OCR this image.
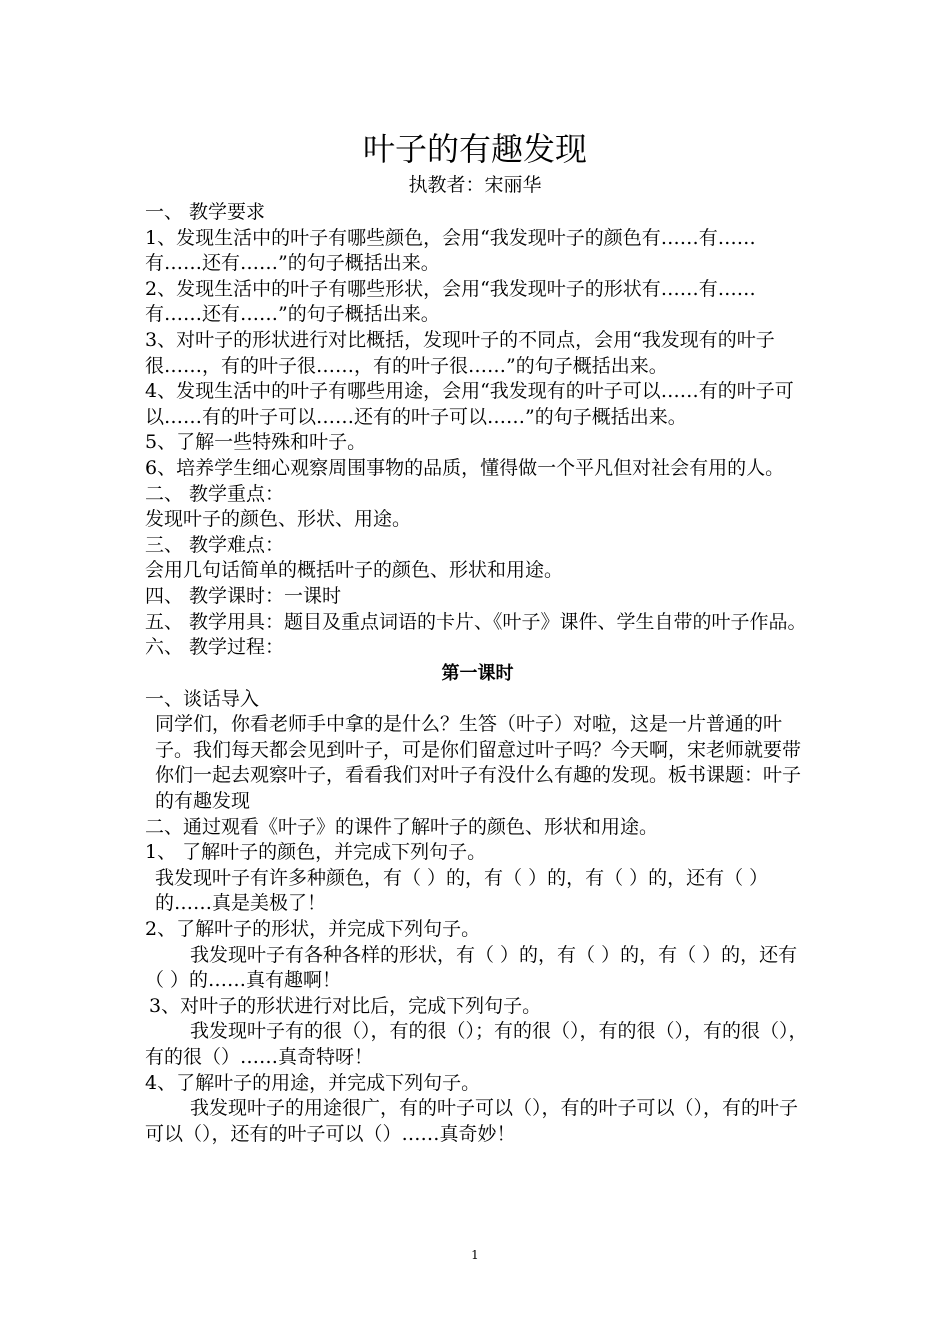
叶子的有趣发现
执教者：宋丽华

一、 教学要求

1、发现生活中的叶子有哪些颜色，会用“我发现叶子的颜色有……有……有……还有……”的句子概括出来。

2、发现生活中的叶子有哪些形状，会用“我发现叶子的形状有……有……有……还有……”的句子概括出来。

3、对叶子的形状进行对比概括，发现叶子的不同点，会用“我发现有的叶子很……，有的叶子很……，有的叶子很……”的句子概括出来。

4、发现生活中的叶子有哪些用途，会用“我发现有的叶子可以……有的叶子可以……有的叶子可以……还有的叶子可以……”的句子概括出来。

5、了解一些特殊和叶子。

6、培养学生细心观察周围事物的品质，懂得做一个平凡但对社会有用的人。

二、 教学重点：

发现叶子的颜色、形状、用途。

三、 教学难点：

会用几句话简单的概括叶子的颜色、形状和用途。

四、 教学课时：一课时

五、 教学用具：题目及重点词语的卡片、《叶子》课件、学生自带的叶子作品。

六、 教学过程：

第一课时

一、谈话导入

同学们，你看老师手中拿的是什么？生答（叶子）对啦，这是一片普通的叶子。我们每天都会见到叶子，可是你们留意过叶子吗？今天啊，宋老师就要带你们一起去观察叶子，看看我们对叶子有没什么有趣的发现。板书课题：叶子的有趣发现

二、通过观看《叶子》的课件了解叶子的颜色、形状和用途。

1、 了解叶子的颜色，并完成下列句子。

我发现叶子有许多种颜色，有（ ）的，有（ ）的，有（ ）的，还有（ ）的……真是美极了！

2、了解叶子的形状，并完成下列句子。

我发现叶子有各种各样的形状，有（ ）的，有（ ）的，有（ ）的，还有（ ）的……真有趣啊！

3、对叶子的形状进行对比后，完成下列句子。

我发现叶子有的很（），有的很（）；有的很（），有的很（），有的很（），有的很（）……真奇特呀！

4、了解叶子的用途，并完成下列句子。

我发现叶子的用途很广，有的叶子可以（），有的叶子可以（），有的叶子可以（），还有的叶子可以（）……真奇妙！

1
